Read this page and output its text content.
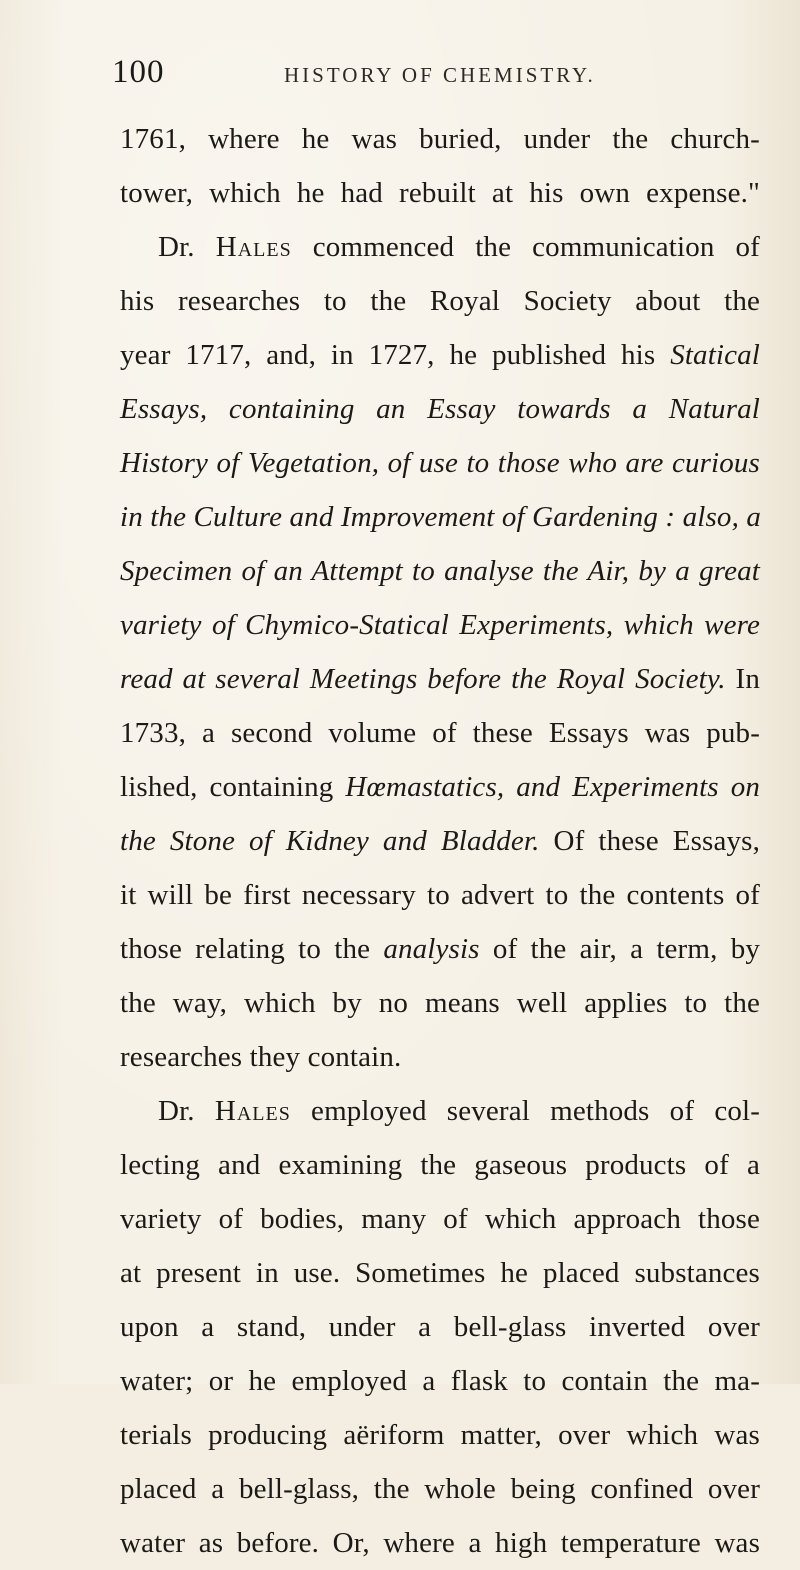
100	HISTORY OF CHEMISTRY.
1761, where he was buried, under the church-
tower, which he had rebuilt at his own expense."
Dr. Hales commenced the communication of
his researches to the Royal Society about the
year 1717, and, in 1727, he published his Statical
Essays, containing an Essay towards a Natural
History of Vegetation, of use to those who are curious
in the Culture and Improvement of Gardening : also, a
Specimen of an Attempt to analyse the Air, by a great
variety of Chymico-Statical Experiments, which were
read at several Meetings before the Royal Society. In
1733, a second volume of these Essays was pub-
lished, containing Hœmastatics, and Experiments on
the Stone of Kidney and Bladder. Of these Essays,
it will be first necessary to advert to the contents of
those relating to the analysis of the air, a term, by
the way, which by no means well applies to the
researches they contain.
Dr. Hales employed several methods of col-
lecting and examining the gaseous products of a
variety of bodies, many of which approach those
at present in use. Sometimes he placed substances
upon a stand, under a bell-glass inverted over
water; or he employed a flask to contain the ma-
terials producing aëriform matter, over which was
placed a bell-glass, the whole being confined over
water as before. Or, where a high temperature was
